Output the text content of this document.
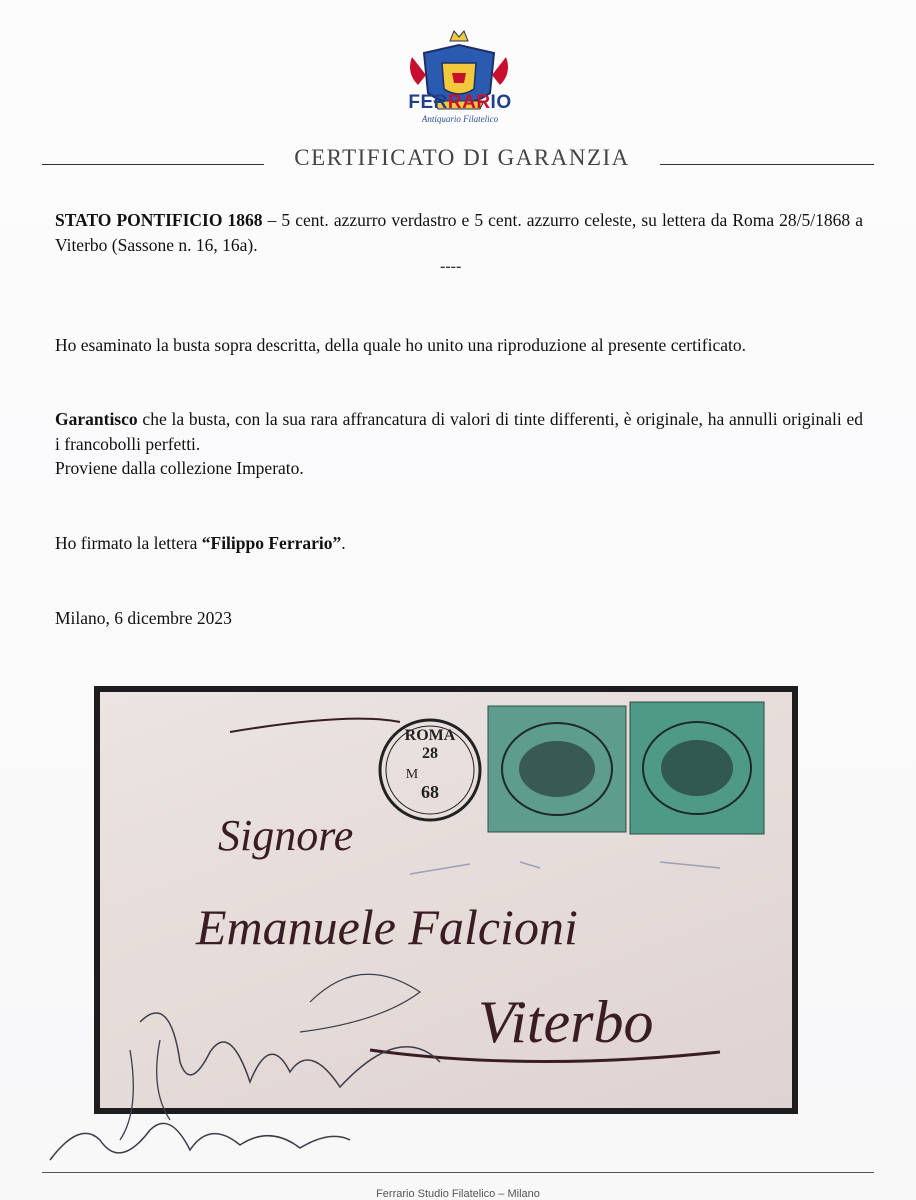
FERRARIO
Antiquario Filatelico
CERTIFICATO DI GARANZIA
STATO PONTIFICIO 1868 – 5 cent. azzurro verdastro e 5 cent. azzurro celeste, su lettera da Roma 28/5/1868 a Viterbo (Sassone n. 16, 16a).
----
Ho esaminato la busta sopra descritta, della quale ho unito una riproduzione al presente certificato.
Garantisco che la busta, con la sua rara affrancatura di valori di tinte differenti, è originale, ha annulli originali ed i francobolli perfetti.
Proviene dalla collezione Imperato.
Ho firmato la lettera “Filippo Ferrario”.
Milano, 6 dicembre 2023
ROMA
28
M
68
Signore
Emanuele Falcioni
Viterbo
Ferrario Studio Filatelico – Milano
